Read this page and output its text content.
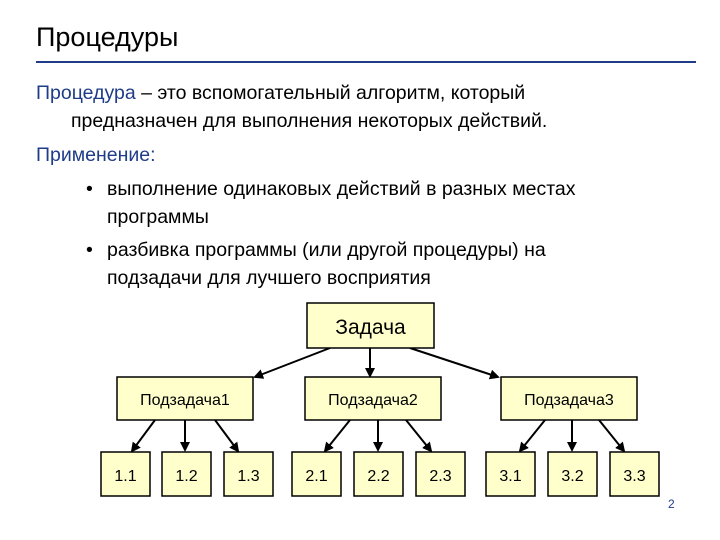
Процедуры
Процедура – это вспомогательный алгоритм, который
предназначен для выполнения некоторых действий.
Применение:
• выполнение одинаковых действий в разных местах
программы
• разбивка программы (или другой процедуры) на
подзадачи для лучшего восприятия
Задача
Подзадача1	Подзадача2	Подзадача3
1.1 1.2 1.3	2.1 2.2 2.3	3.1 3.2 3.3
2
